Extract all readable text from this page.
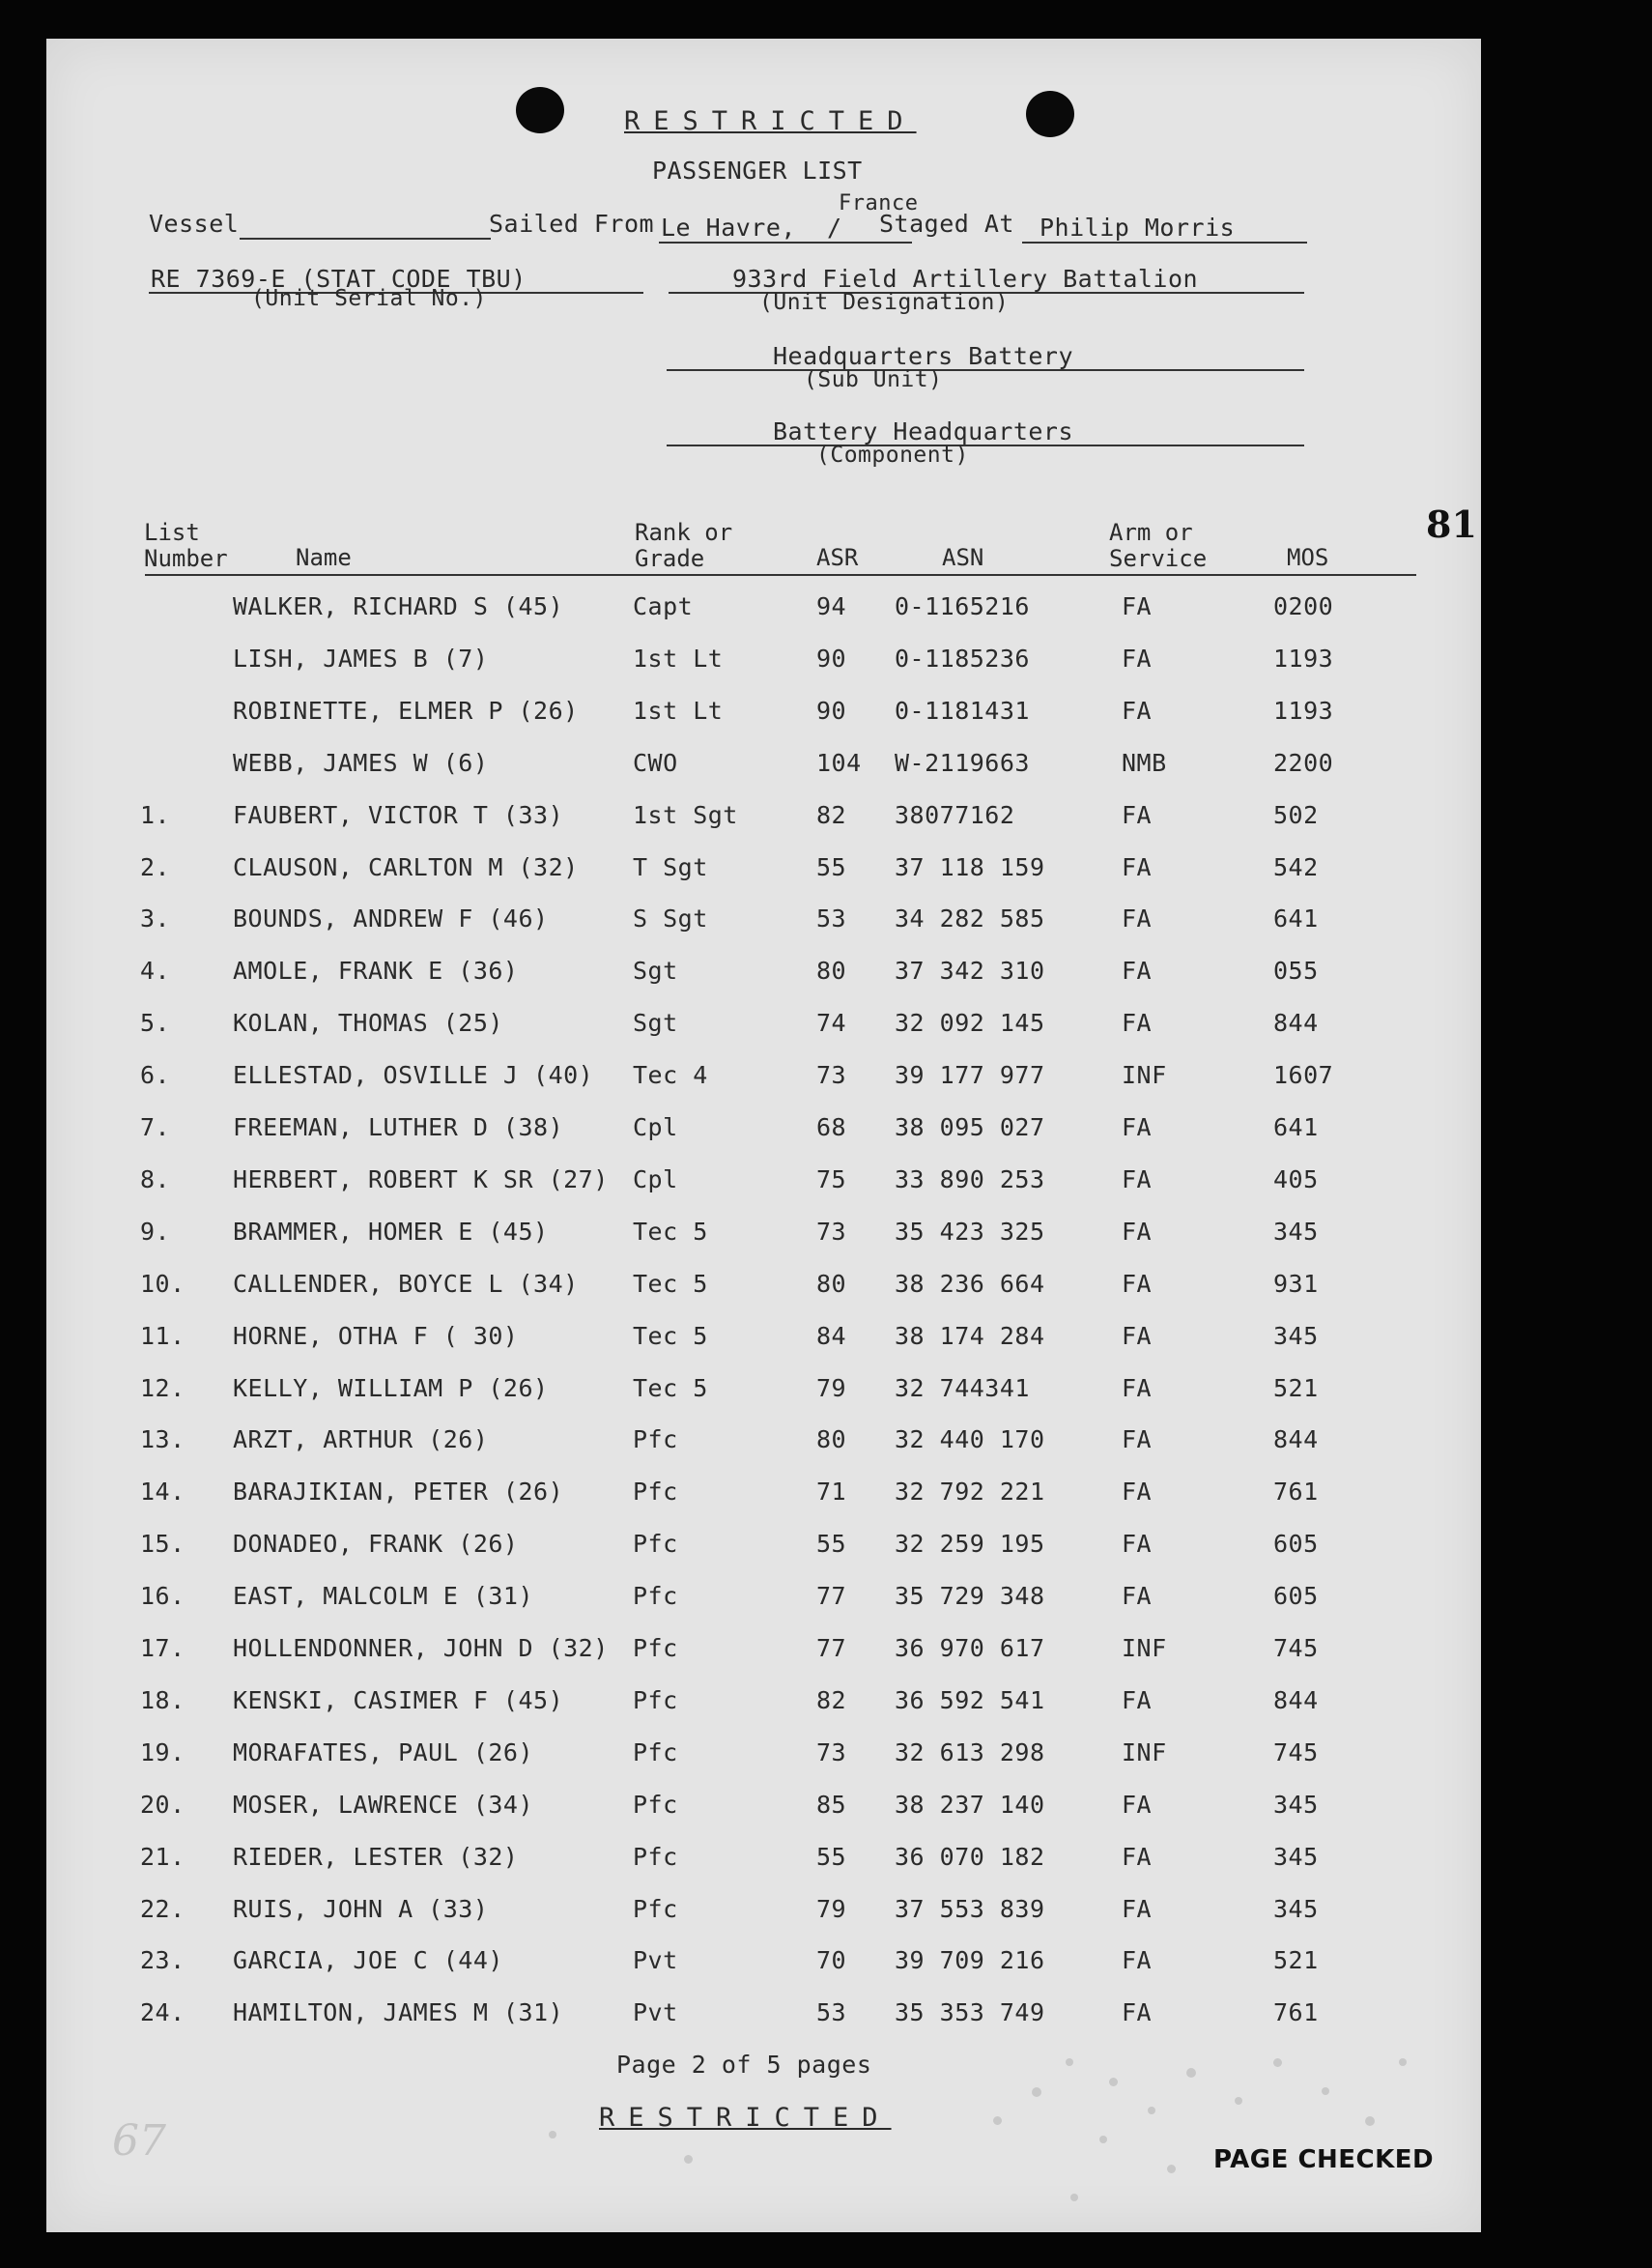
RESTRICTED
PASSENGER LIST
Vessel	Sailed From Le Havre,
France
/ Staged At Philip Morris
RE 7369-E (STAT CODE TBU)
(Unit Serial No.)
933rd Field Artillery Battalion
(Unit Designation)
Headquarters Battery
(Sub Unit)
Battery Headquarters
(Component)
81
List
Number	Name
Rank or
Grade	ASR	ASN
Arm or
Service	MOS
WALKER, RICHARD S (45)	Capt	94 0-1165216	FA	0200
LISH, JAMES B (7)	1st Lt	90 0-1185236	FA	1193
ROBINETTE, ELMER P (26) 1st Lt	90 0-1181431	FA	1193
WEBB, JAMES W (6)	CWO	104 W-2119663	NMB	2200
1.	FAUBERT, VICTOR T (33)	1st Sgt	82 38077162	FA	502
2.	CLAUSON, CARLTON M (32) T Sgt	55 37 118 159	FA	542
3.	BOUNDS, ANDREW F (46)	S Sgt	53 34 282 585	FA	641
4.	AMOLE, FRANK E (36)	Sgt	80 37 342 310	FA	055
5.	KOLAN, THOMAS (25)	Sgt	74 32 092 145	FA	844
6.	ELLESTAD, OSVILLE J (40) Tec 4	73 39 177 977	INF	1607
7.	FREEMAN, LUTHER D (38)	Cpl	68 38 095 027	FA	641
8.	HERBERT, ROBERT K SR (27) Cpl	75 33 890 253	FA	405
9.	BRAMMER, HOMER E (45)	Tec 5	73 35 423 325	FA	345
10. CALLENDER, BOYCE L (34) Tec 5	80 38 236 664	FA	931
11. HORNE, OTHA F ( 30)	Tec 5	84 38 174 284	FA	345
12. KELLY, WILLIAM P (26)	Tec 5	79 32 744341	FA	521
13. ARZT, ARTHUR (26)	Pfc	80 32 440 170	FA	844
14. BARAJIKIAN, PETER (26)	Pfc	71 32 792 221	FA	761
15. DONADEO, FRANK (26)	Pfc	55 32 259 195	FA	605
16. EAST, MALCOLM E (31)	Pfc	77 35 729 348	FA	605
17. HOLLENDONNER, JOHN D (32) Pfc	77 36 970 617	INF	745
18. KENSKI, CASIMER F (45)	Pfc	82 36 592 541	FA	844
19. MORAFATES, PAUL (26)	Pfc	73 32 613 298	INF	745
20. MOSER, LAWRENCE (34)	Pfc	85 38 237 140	FA	345
21. RIEDER, LESTER (32)	Pfc	55 36 070 182	FA	345
22. RUIS, JOHN A (33)	Pfc	79 37 553 839	FA	345
23. GARCIA, JOE C (44)	Pvt	70 39 709 216	FA	521
24. HAMILTON, JAMES M (31)	Pvt	53 35 353 749	FA	761
Page 2 of 5 pages
RESTRICTED
PAGE CHECKED
67
